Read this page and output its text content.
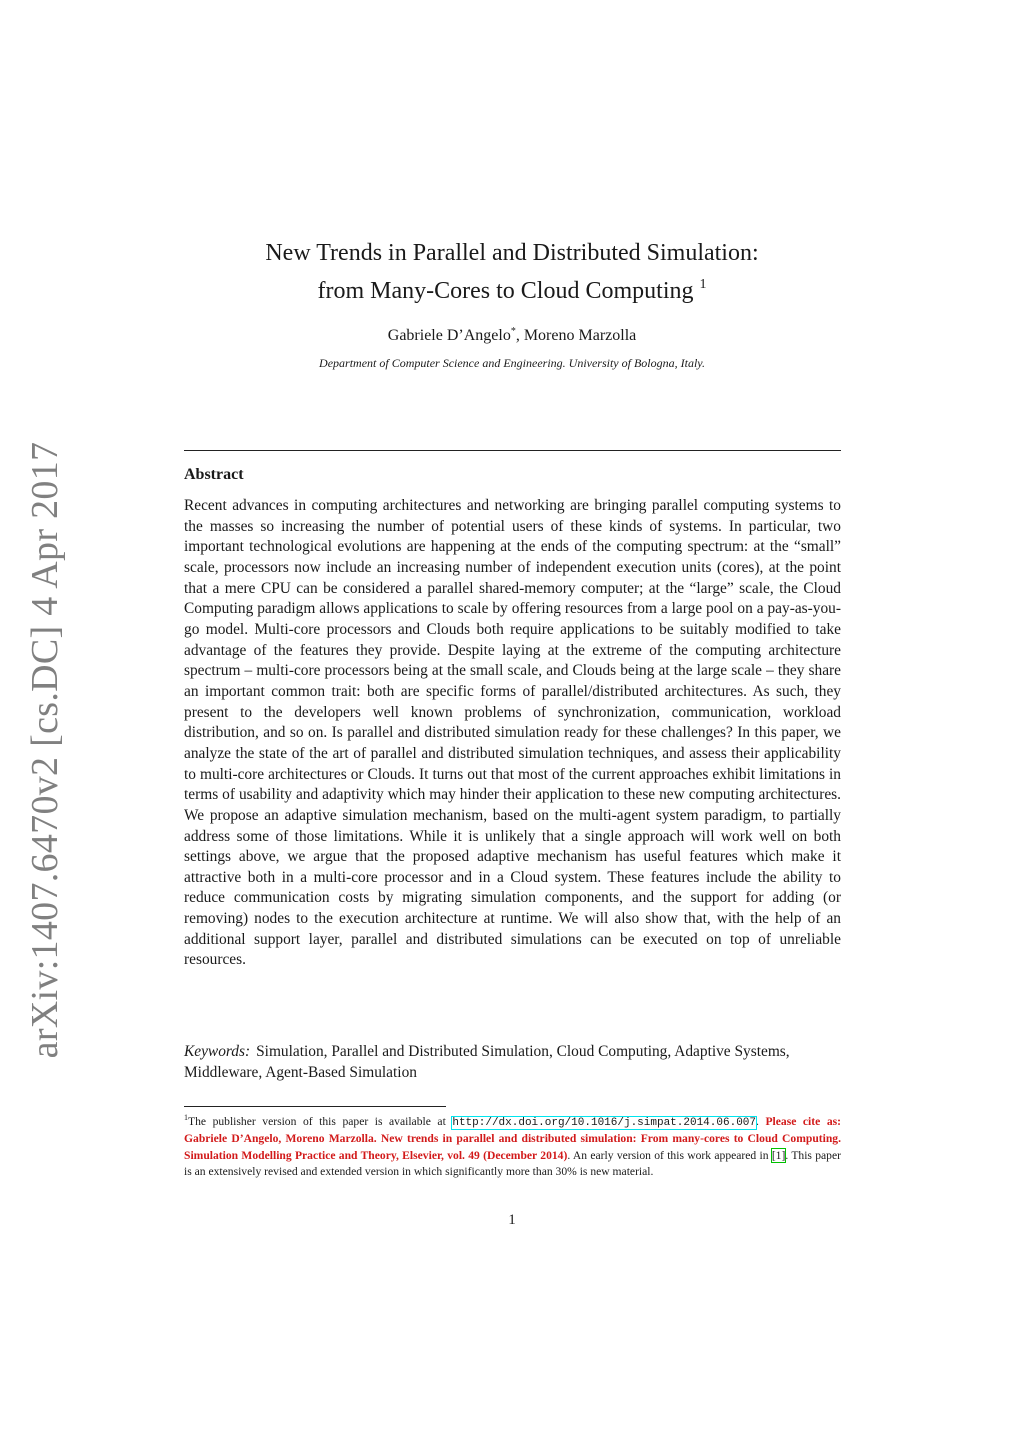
arXiv:1407.6470v2 [cs.DC] 4 Apr 2017
New Trends in Parallel and Distributed Simulation:
from Many-Cores to Cloud Computing $^1$
Gabriele D’Angelo*, Moreno Marzolla
Department of Computer Science and Engineering. University of Bologna, Italy.
Abstract
Recent advances in computing architectures and networking are bringing parallel computing systems to the masses so increasing the number of potential users of these kinds of systems. In particular, two important technological evolutions are happening at the ends of the computing spectrum: at the “small” scale, processors now include an increasing number of independent execution units (cores), at the point that a mere CPU can be considered a parallel shared-memory computer; at the “large” scale, the Cloud Computing paradigm allows applications to scale by offering resources from a large pool on a pay-as-you-go model. Multi-core processors and Clouds both require applications to be suitably modified to take advantage of the features they provide. Despite laying at the extreme of the computing architecture spectrum – multi-core processors being at the small scale, and Clouds being at the large scale – they share an important common trait: both are specific forms of parallel/distributed architectures. As such, they present to the developers well known problems of synchronization, communication, workload distribution, and so on. Is parallel and distributed simulation ready for these challenges? In this paper, we analyze the state of the art of parallel and distributed simulation techniques, and assess their applicability to multi-core architectures or Clouds. It turns out that most of the current approaches exhibit limitations in terms of usability and adaptivity which may hinder their application to these new computing architectures. We propose an adaptive simulation mechanism, based on the multi-agent system paradigm, to partially address some of those limitations. While it is unlikely that a single approach will work well on both settings above, we argue that the proposed adaptive mechanism has useful features which make it attractive both in a multi-core processor and in a Cloud system. These features include the ability to reduce communication costs by migrating simulation components, and the support for adding (or removing) nodes to the execution architecture at runtime. We will also show that, with the help of an additional support layer, parallel and distributed simulations can be executed on top of unreliable resources.
Keywords: Simulation, Parallel and Distributed Simulation, Cloud Computing, Adaptive Systems, Middleware, Agent-Based Simulation
$^1$The publisher version of this paper is available at http://dx.doi.org/10.1016/j.simpat.2014.06.007. Please cite as: Gabriele D’Angelo, Moreno Marzolla. New trends in parallel and distributed simulation: From many-cores to Cloud Computing. Simulation Modelling Practice and Theory, Elsevier, vol. 49 (December 2014). An early version of this work appeared in [1]. This paper is an extensively revised and extended version in which significantly more than 30% is new material.
1
